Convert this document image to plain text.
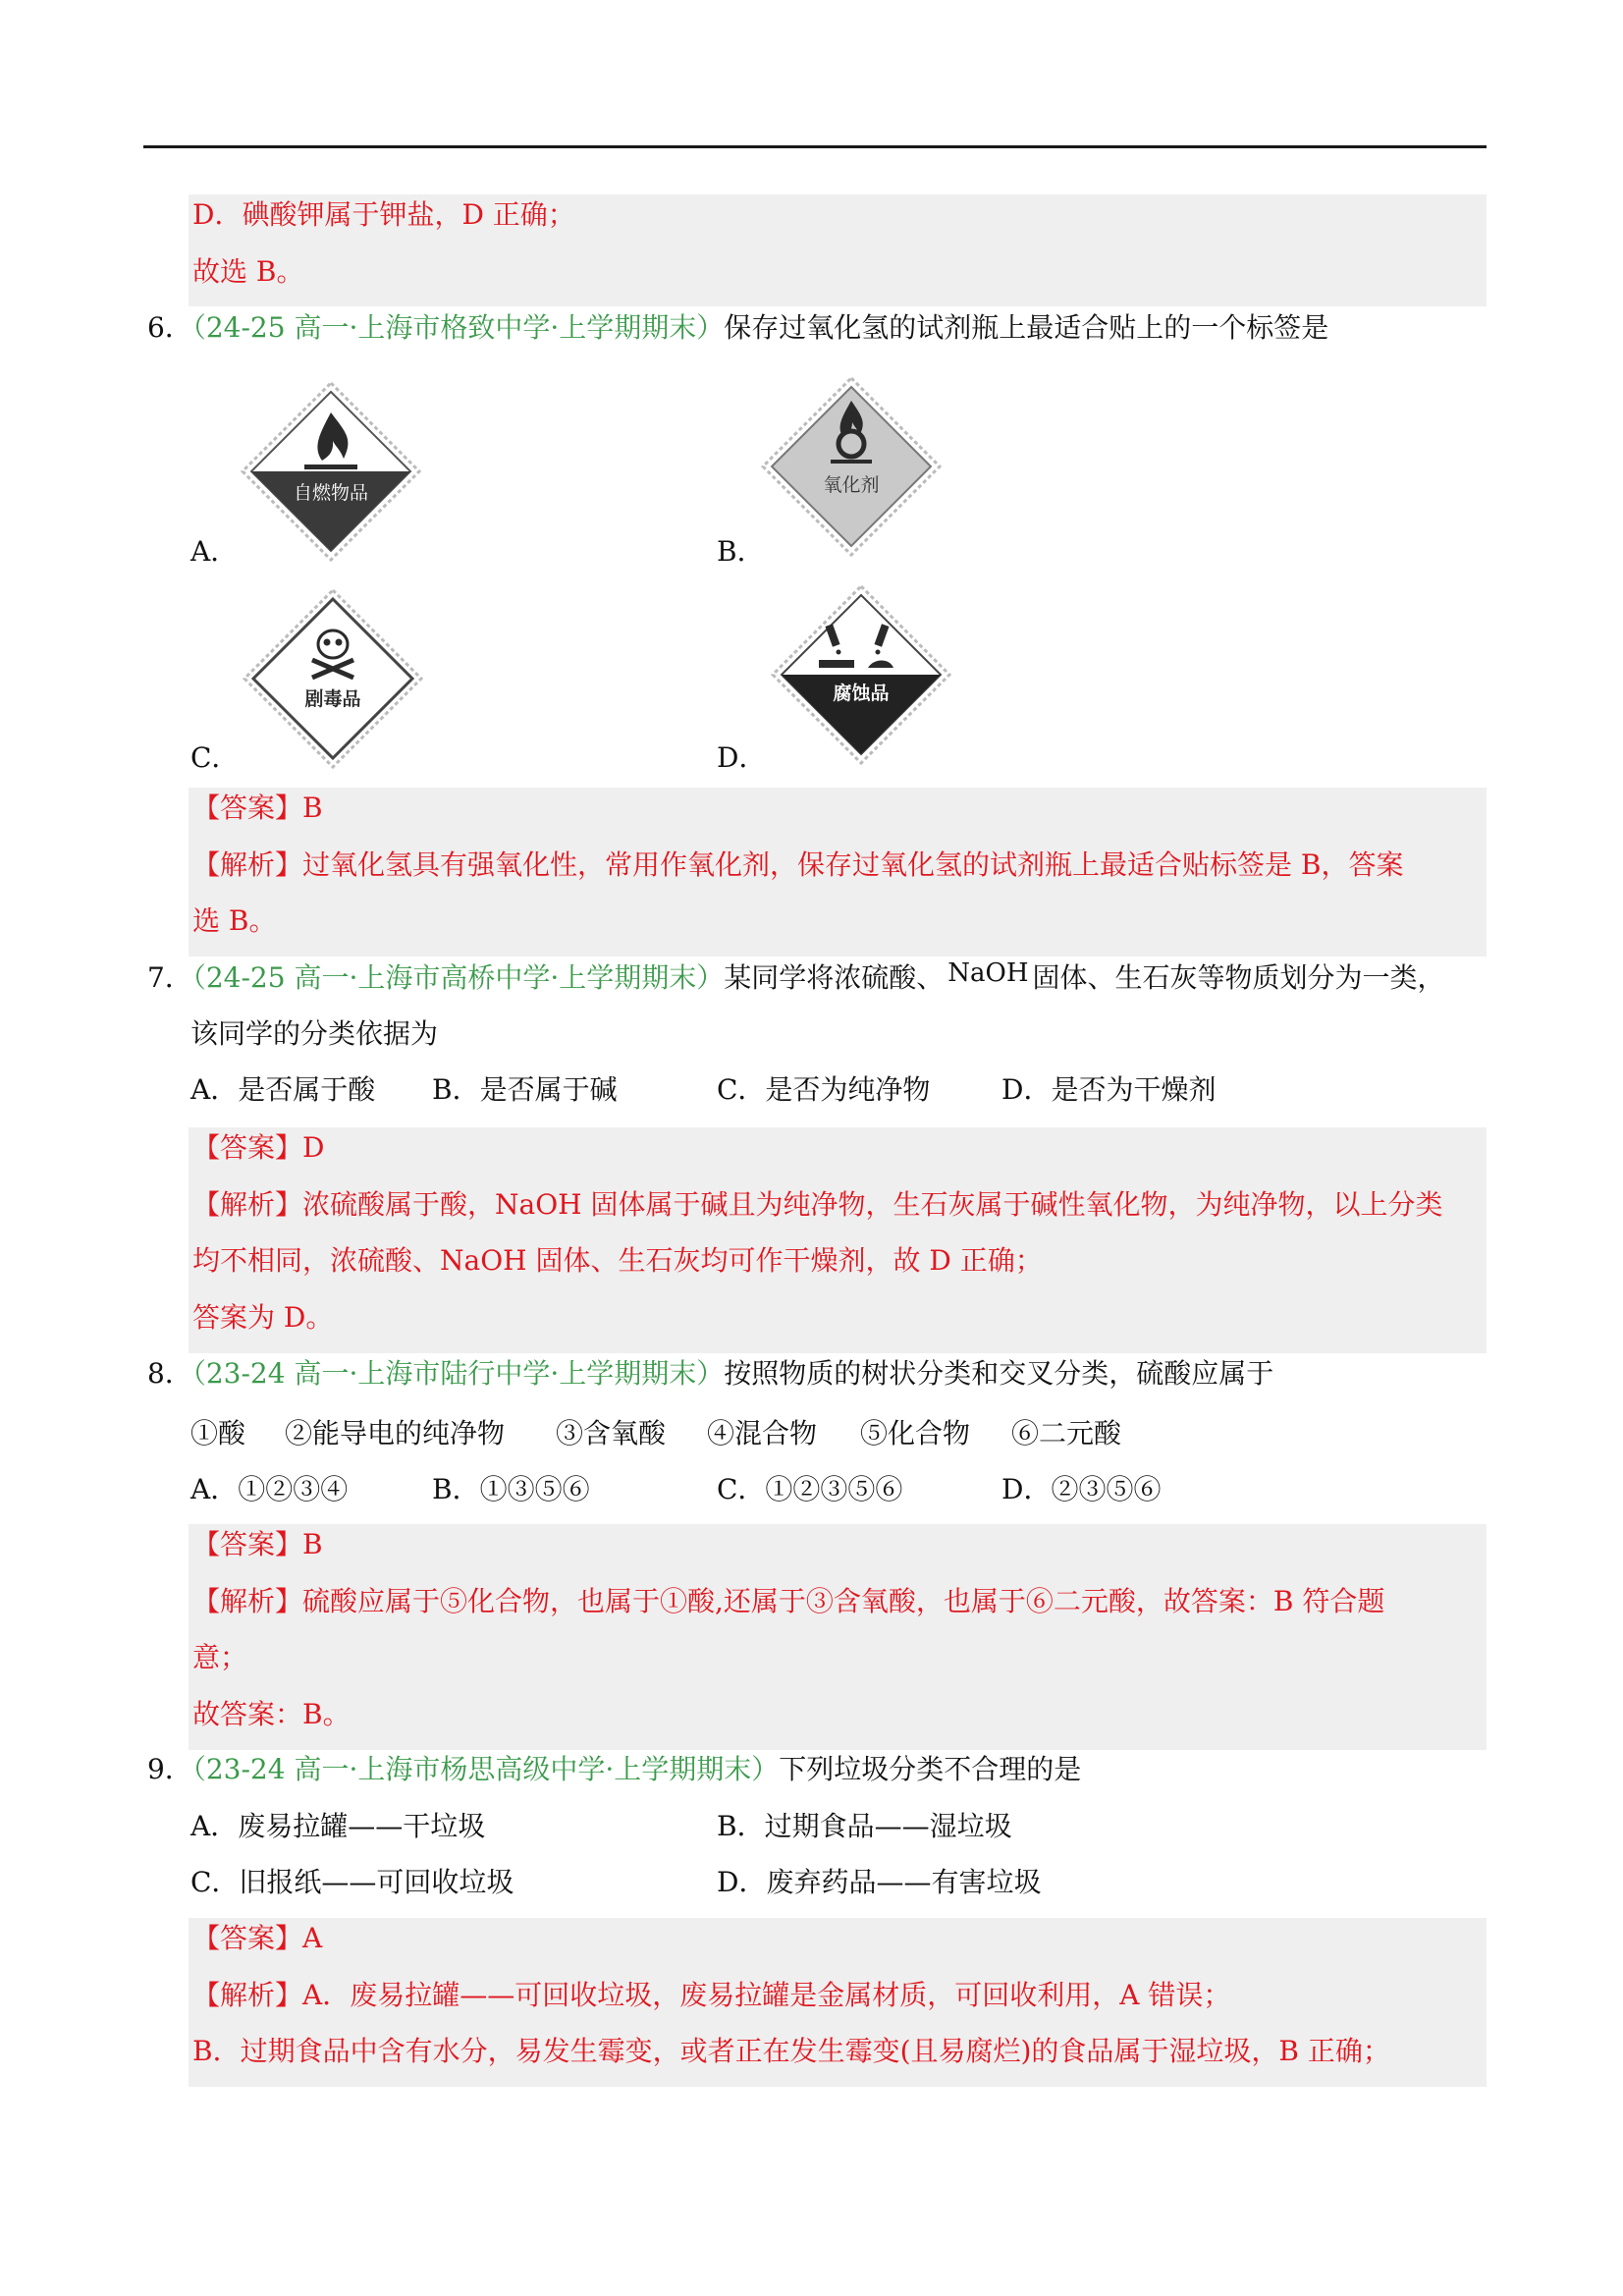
D．碘酸钾属于钾盐，D 正确；
故选 B。
6．（24-25 高一·上海市格致中学·上学期期末）保存过氧化氢的试剂瓶上最适合贴上的一个标签是
自燃物品
A．
氧化剂
B．
剧毒品
C．
腐蚀品
D．
【答案】B
【解析】过氧化氢具有强氧化性，常用作氧化剂，保存过氧化氢的试剂瓶上最适合贴标签是 B，答案
选 B。
7．（24-25 高一·上海市高桥中学·上学期期末）某同学将浓硫酸、 NaOH 固体、生石灰等物质划分为一类，
该同学的分类依据为
A．是否属于酸 B．是否属于碱	C．是否为纯净物	D．是否为干燥剂
【答案】D
【解析】浓硫酸属于酸，NaOH 固体属于碱且为纯净物，生石灰属于碱性氧化物，为纯净物，以上分类
均不相同，浓硫酸、NaOH 固体、生石灰均可作干燥剂，故 D 正确；
答案为 D。
8．（23-24 高一·上海市陆行中学·上学期期末）按照物质的树状分类和交叉分类，硫酸应属于
①酸 ②能导电的纯净物 ③含氧酸 ④混合物 ⑤化合物 ⑥二元酸
A．①②③④	B．①③⑤⑥	C．①②③⑤⑥	D．②③⑤⑥
【答案】B
【解析】硫酸应属于⑤化合物，也属于①酸,还属于③含氧酸，也属于⑥二元酸，故答案：B 符合题
意；
故答案：B。
9．（23-24 高一·上海市杨思高级中学·上学期期末）下列垃圾分类不合理的是
A．废易拉罐——干垃圾	B．过期食品——湿垃圾
C．旧报纸——可回收垃圾	D．废弃药品——有害垃圾
【答案】A
【解析】A．废易拉罐——可回收垃圾，废易拉罐是金属材质，可回收利用，A 错误；
B．过期食品中含有水分，易发生霉变，或者正在发生霉变(且易腐烂)的食品属于湿垃圾，B 正确；
